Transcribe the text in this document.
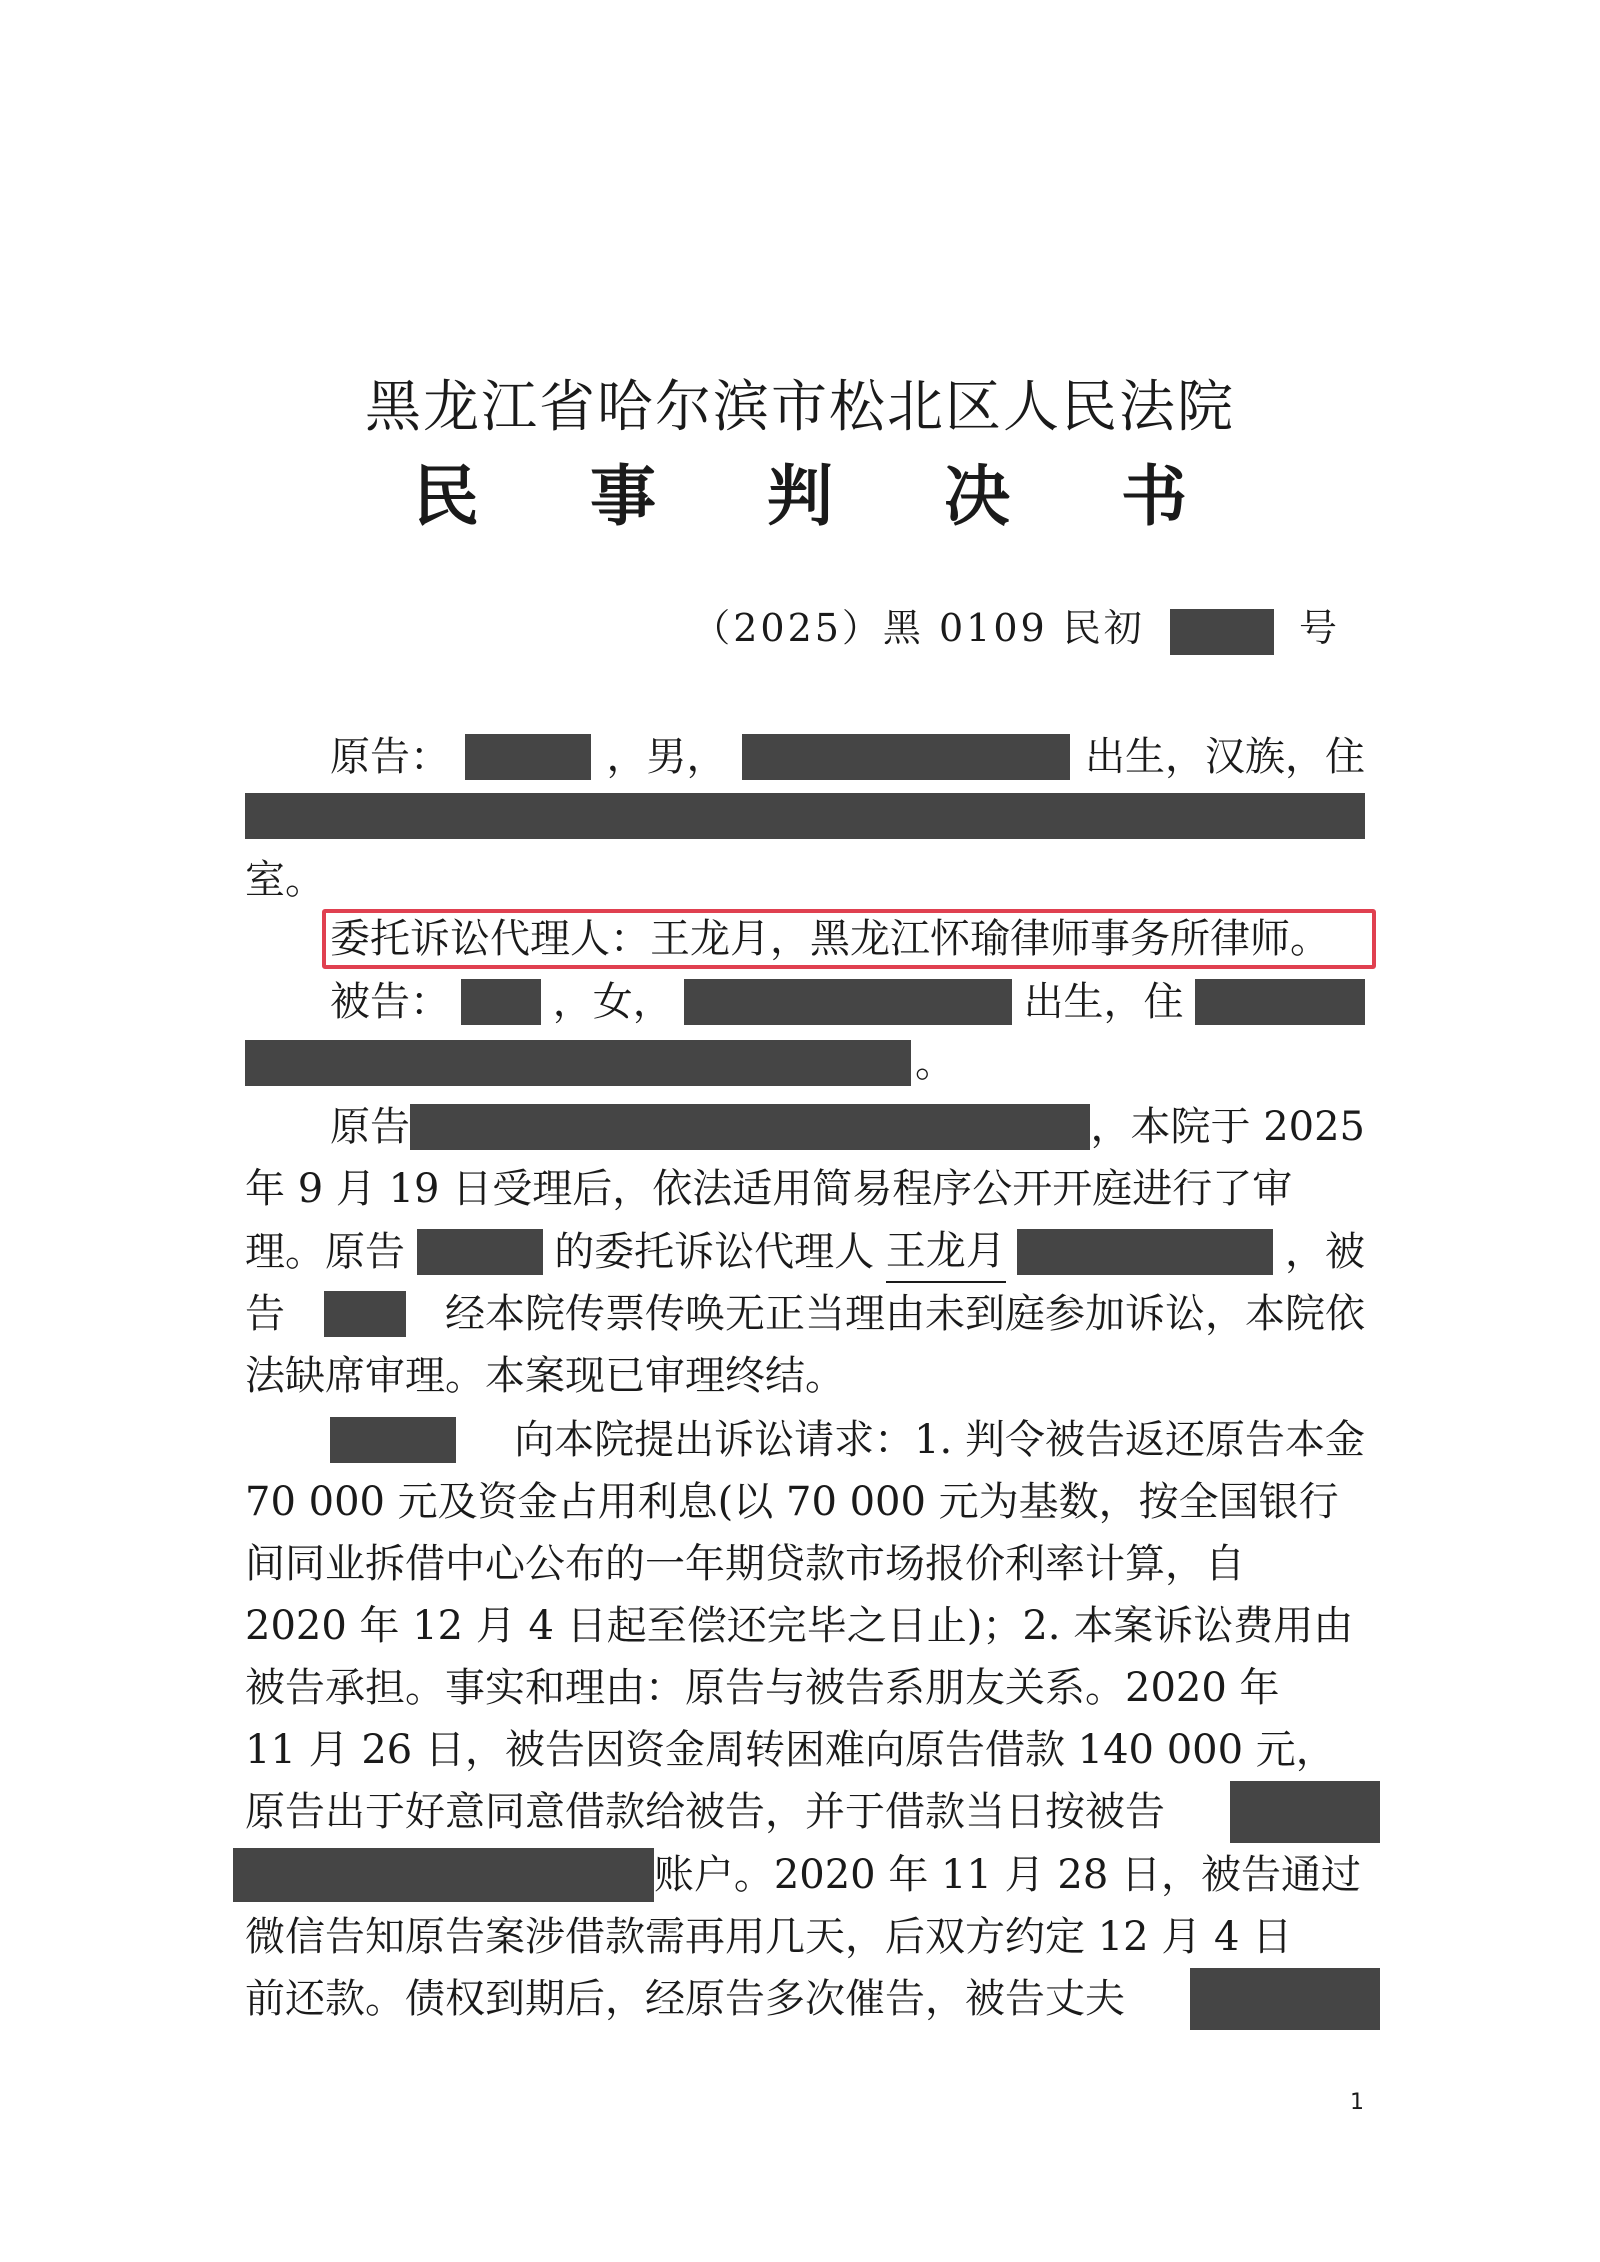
黑龙江省哈尔滨市松北区人民法院
民 事 判 决 书
（2025）黑 0109 民初	号
原告：	，男，	出生，汉族，住
室。
委托诉讼代理人：王龙月，黑龙江怀瑜律师事务所律师。
被告：	，女，	出生，住
。
原告	，本院于 2025
年 9 月 19 日受理后，依法适用简易程序公开开庭进行了审
理。原告	的委托诉讼代理人 王龙月	，被
告	经本院传票传唤无正当理由未到庭参加诉讼，本院依
法缺席审理。本案现已审理终结。
向本院提出诉讼请求：1. 判令被告返还原告本金
70 000 元及资金占用利息(以 70 000 元为基数，按全国银行
间同业拆借中心公布的一年期贷款市场报价利率计算，自
2020 年 12 月 4 日起至偿还完毕之日止)；2. 本案诉讼费用由
被告承担。事实和理由：原告与被告系朋友关系。2020 年
11 月 26 日，被告因资金周转困难向原告借款 140 000 元，
原告出于好意同意借款给被告，并于借款当日按被告
账户。2020 年 11 月 28 日，被告通过
微信告知原告案涉借款需再用几天，后双方约定 12 月 4 日
前还款。债权到期后，经原告多次催告，被告丈夫
1
